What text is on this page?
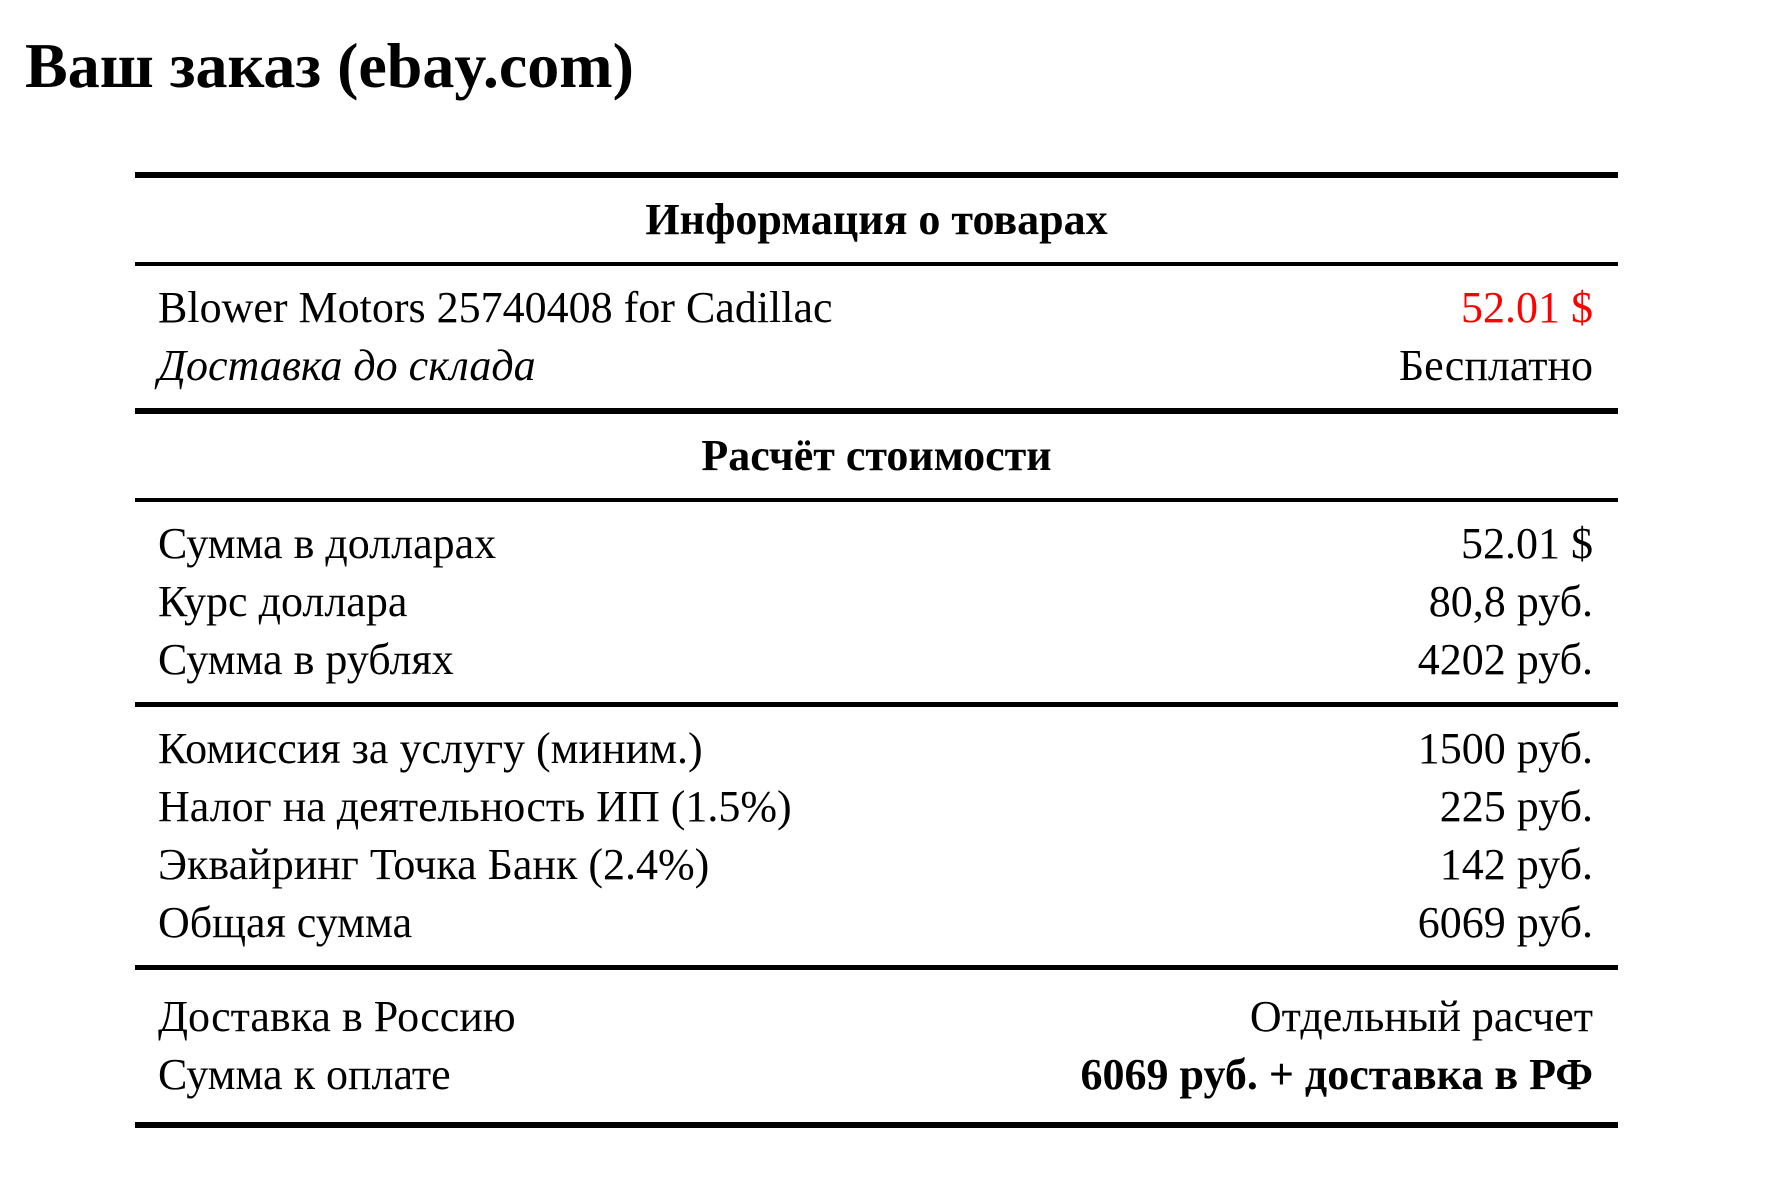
Ваш заказ (ebay.com)
Информация о товарах
Blower Motors 25740408 for Cadillac	52.01 $
Доставка до склада	Бесплатно
Расчёт стоимости
Сумма в долларах	52.01 $
Курс доллара	80,8 руб.
Сумма в рублях	4202 руб.
Комиссия за услугу (миним.)	1500 руб.
Налог на деятельность ИП (1.5%)	225 руб.
Эквайринг Точка Банк (2.4%)	142 руб.
Общая сумма	6069 руб.
Доставка в Россию	Отдельный расчет
Сумма к оплате	6069 руб. + доставка в РФ
